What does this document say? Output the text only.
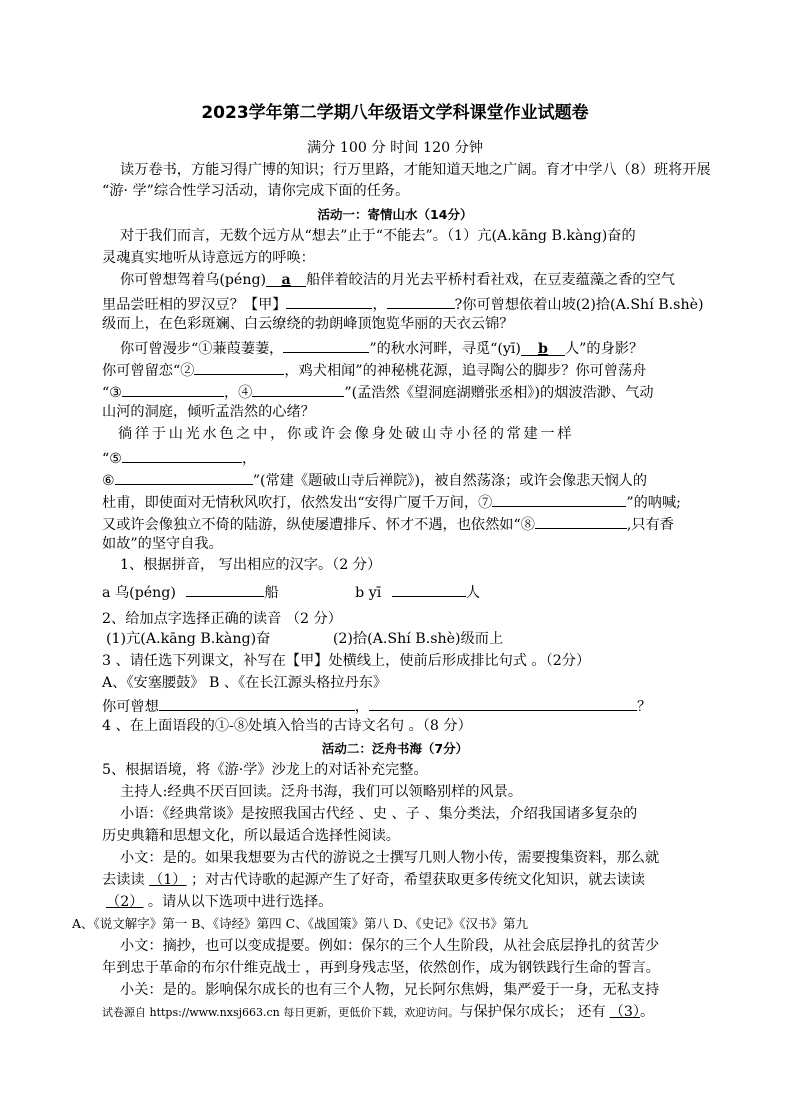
2023学年第二学期八年级语文学科课堂作业试题卷
满分 100 分 时间 120 分钟
读万卷书，方能习得广博的知识；行万里路，才能知道天地之广阔。育才中学八（8）班将开展
“游· 学”综合性学习活动，请你完成下面的任务。
活动一：寄情山水（14分）
对于我们而言，无数个远方从“想去”止于“不能去”。（1）亢(A.kāng B.kàng)奋的
灵魂真实地听从诗意远方的呼唤：
你可曾想驾着乌(péng) a 船伴着皎洁的月光去平桥村看社戏，在豆麦蕴藻之香的空气
里品尝旺相的罗汉豆？【甲】	，	?你可曾想依着山坡(2)拾(A.Shí B.shè)
级而上，在色彩斑斓、白云缭绕的勃朗峰顶饱览华丽的天衣云锦？
你可曾漫步“①蒹葭萋萋，	”的秋水河畔，寻觅“(yī) b 人”的身影？
你可曾留恋“②	，鸡犬相闻”的神秘桃花源，追寻陶公的脚步？你可曾荡舟
“③	，④	”(孟浩然《望洞庭湖赠张丞相》)的烟波浩渺、气动
山河的洞庭，倾听孟浩然的心绪？
徜 徉 于 山 光 水 色 之 中 ， 你 或 许 会 像 身 处 破 山 寺 小 径 的 常 建 一 样
“⑤	，
⑥	”(常建《题破山寺后禅院》)，被自然荡涤；或许会像悲天悯人的
杜甫，即使面对无情秋风吹打，依然发出“安得广厦千万间，⑦	”的呐喊;
又或许会像独立不倚的陆游，纵使屡遭排斥、怀才不遇，也依然如“⑧	,只有香
如故”的坚守自我。
1、根据拼音， 写出相应的汉字。（2 分）
a 乌(péng)	船	b yī	人
2、给加点字选择正确的读音 （2 分）
(1)亢(A.kāng B.kàng)奋	(2)拾(A.Shí B.shè)级而上
3 、请任选下列课文，补写在【甲】处横线上，使前后形成排比句式 。（2分）
A、《安塞腰鼓》 B 、《在长江源头格拉丹东》
你可曾想	，	？
4 、在上面语段的①-⑧处填入恰当的古诗文名句 。（8 分）
活动二：泛舟书海（7分）
5、根据语境，将《游·学》沙龙上的对话补充完整。
主持人:经典不厌百回读。泛舟书海，我们可以领略别样的风景。
小语：《经典常谈》是按照我国古代经 、史 、子 、集分类法，介绍我国诸多复杂的
历史典籍和思想文化，所以最适合选择性阅读。
小文：是的。如果我想要为古代的游说之士撰写几则人物小传，需要搜集资料，那么就
去读读 （1） ；对古代诗歌的起源产生了好奇，希望获取更多传统文化知识，就去读读
（2） 。请从以下选项中进行选择。
A、《说文解字》第一 B、《诗经》第四 C、《战国策》第八 D、《史记》《汉书》第九
小文：摘抄，也可以变成提要。例如：保尔的三个人生阶段，从社会底层挣扎的贫苦少
年到忠于革命的布尔什维克战士 ，再到身残志坚，依然创作，成为钢铁践行生命的誓言。
小关：是的。影响保尔成长的也有三个人物，兄长阿尔焦姆，集严爱于一身，无私支持
试卷源自 https://www.nxsj663.cn 每日更新，更低价下载，欢迎访问。与保护保尔成长； 还有 （3）。
